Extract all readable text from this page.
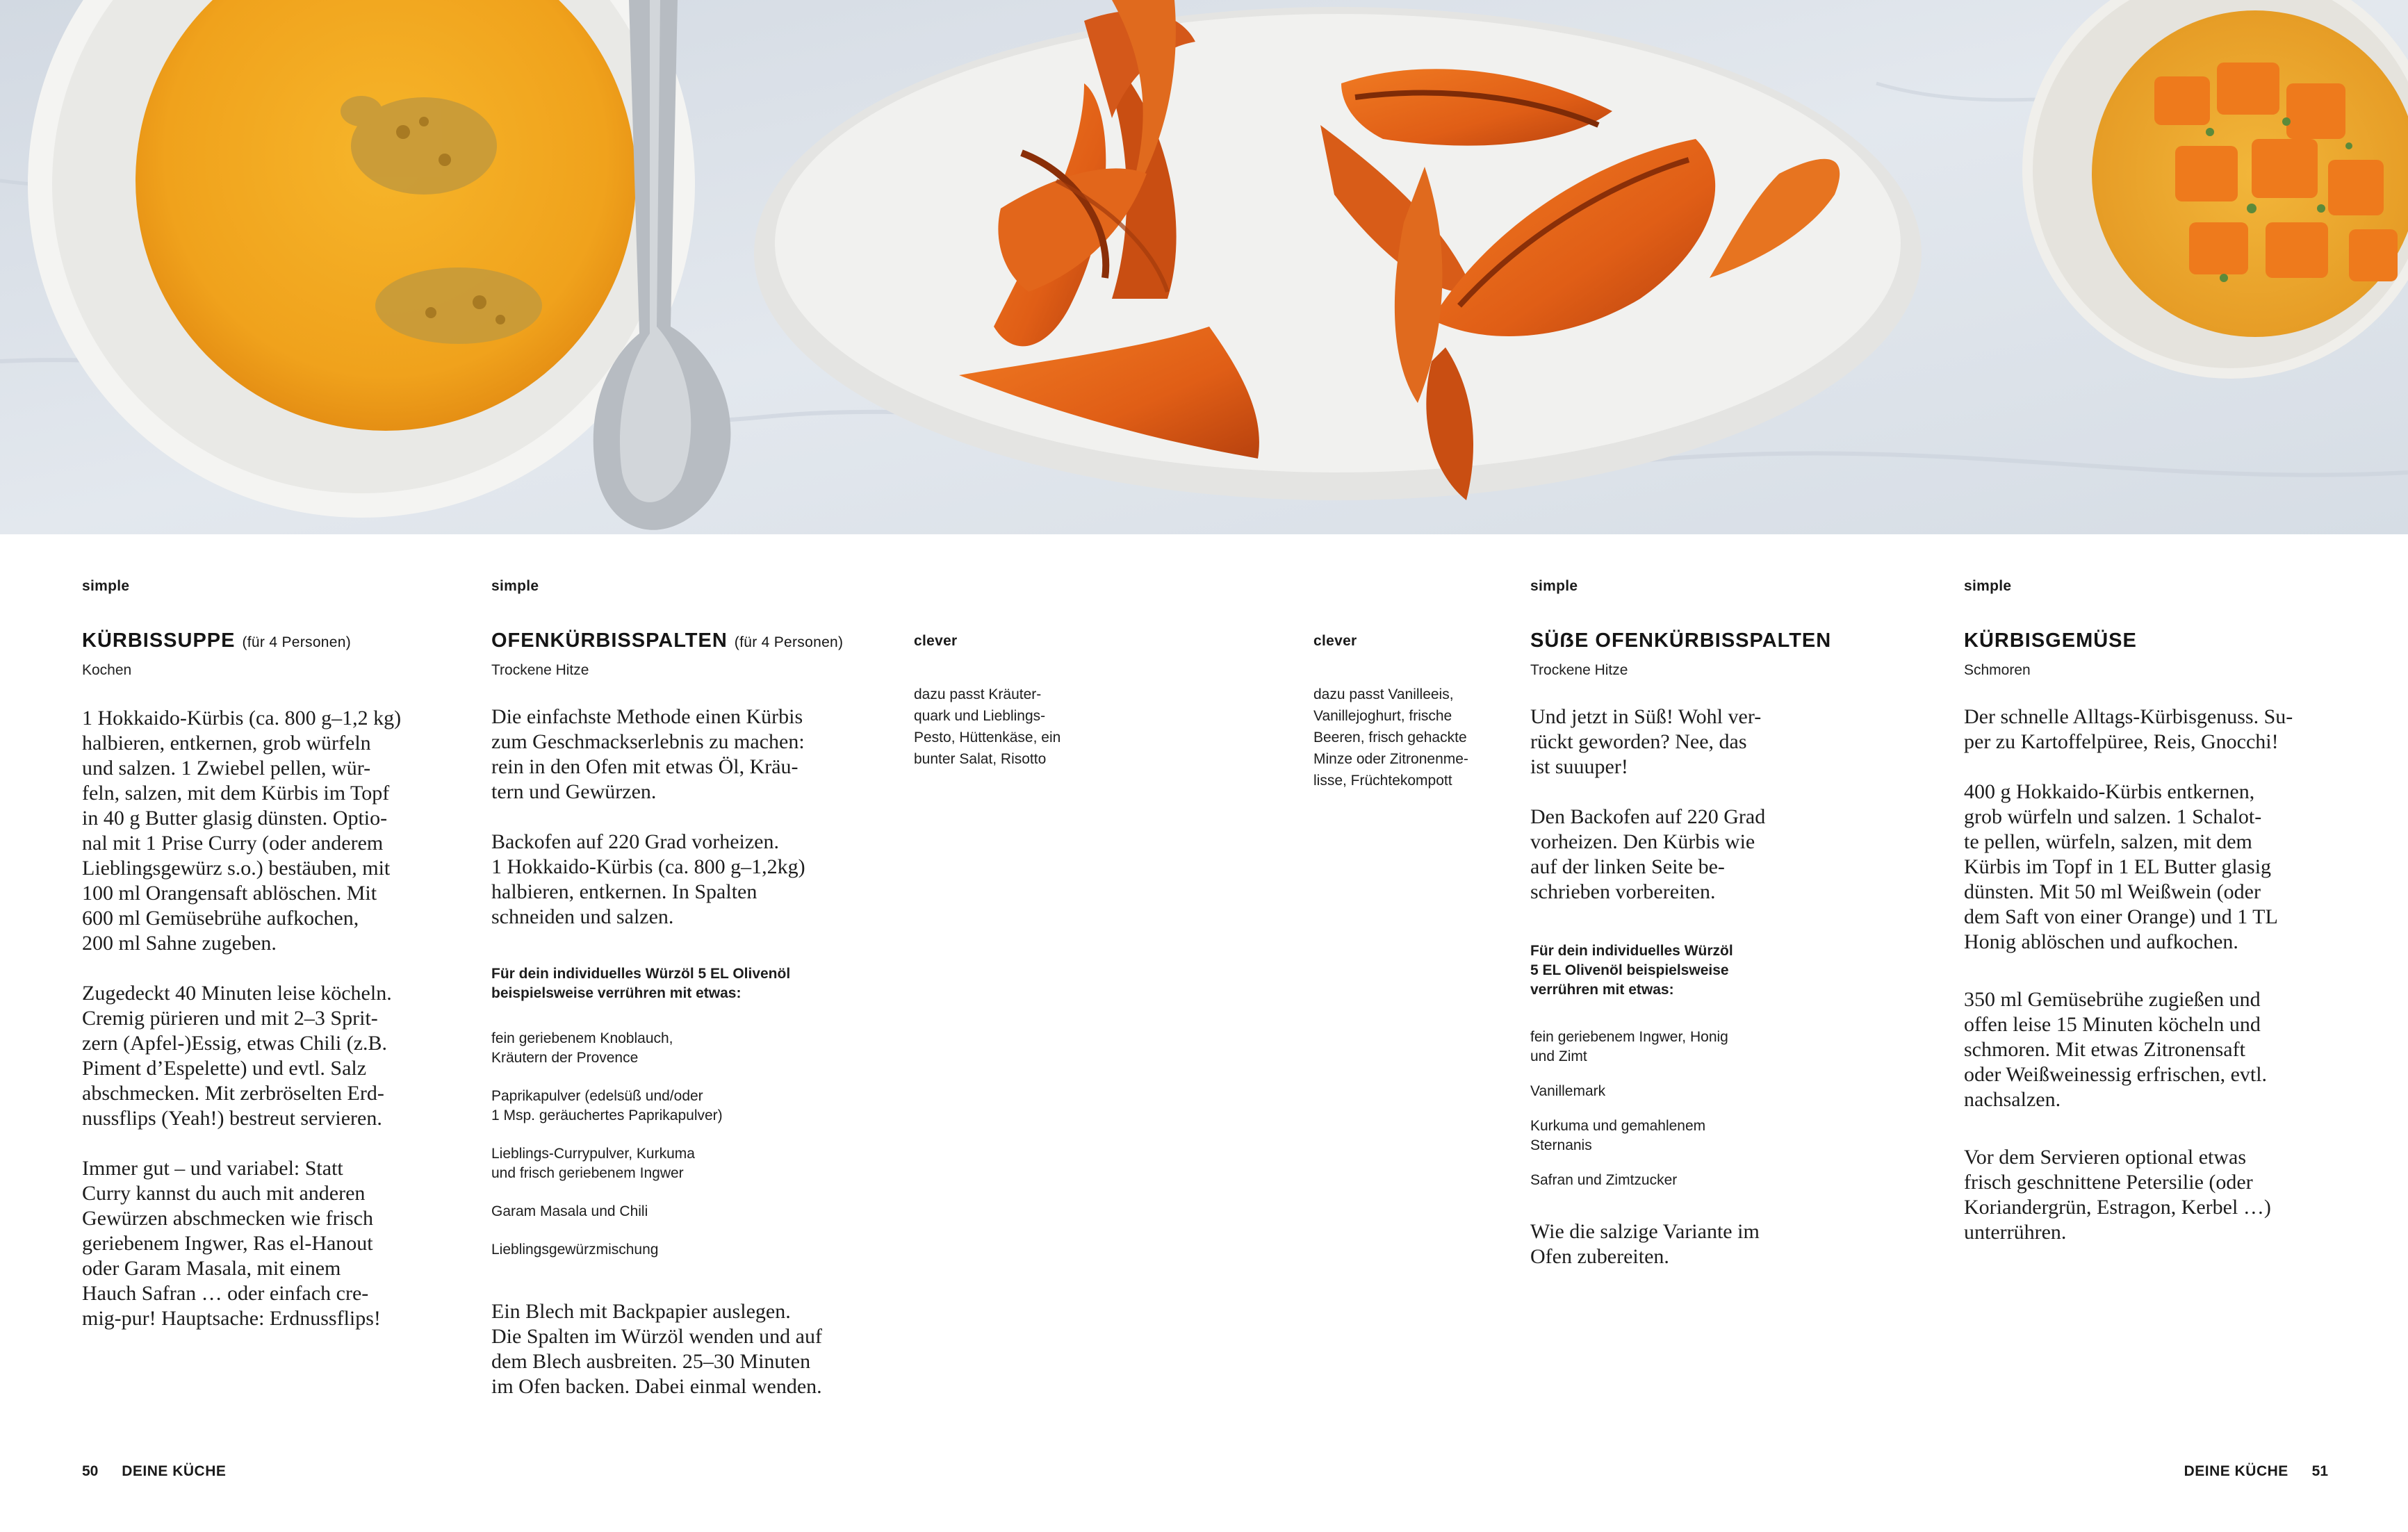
simple
KÜRBISSUPPE (für 4 Personen)
Kochen

1 Hokkaido-Kürbis (ca. 800 g–1,2 kg)
halbieren, entkernen, grob würfeln
und salzen. 1 Zwiebel pellen, wür-
feln, salzen, mit dem Kürbis im Topf
in 40 g Butter glasig dünsten. Optio-
nal mit 1 Prise Curry (oder anderem
Lieblingsgewürz s.o.) bestäuben, mit
100 ml Orangensaft ablöschen. Mit
600 ml Gemüsebrühe aufkochen,
200 ml Sahne zugeben.

Zugedeckt 40 Minuten leise köcheln.
Cremig pürieren und mit 2–3 Sprit-
zern (Apfel-)Essig, etwas Chili (z.B.
Piment d’Espelette) und evtl. Salz
abschmecken. Mit zerbröselten Erd-
nussflips (Yeah!) bestreut servieren.

Immer gut – und variabel: Statt
Curry kannst du auch mit anderen
Gewürzen abschmecken wie frisch
geriebenem Ingwer, Ras el-Hanout
oder Garam Masala, mit einem
Hauch Safran … oder einfach cre-
mig-pur! Hauptsache: Erdnussflips!

simple
OFENKÜRBISSPALTEN (für 4 Personen)
Trockene Hitze

Die einfachste Methode einen Kürbis
zum Geschmackserlebnis zu machen:
rein in den Ofen mit etwas Öl, Kräu-
tern und Gewürzen.

Backofen auf 220 Grad vorheizen.
1 Hokkaido-Kürbis (ca. 800 g–1,2kg)
halbieren, entkernen. In Spalten
schneiden und salzen.

Für dein individuelles Würzöl 5 EL Olivenöl
beispielsweise verrühren mit etwas:
fein geriebenem Knoblauch,
Kräutern der Provence
Paprikapulver (edelsüß und/oder
1 Msp. geräuchertes Paprikapulver)
Lieblings-Currypulver, Kurkuma
und frisch geriebenem Ingwer
Garam Masala und Chili
Lieblingsgewürzmischung
Ein Blech mit Backpapier auslegen.
Die Spalten im Würzöl wenden und auf
dem Blech ausbreiten. 25–30 Minuten
im Ofen backen. Dabei einmal wenden.
clever
dazu passt Kräuter-
quark und Lieblings-
Pesto, Hüttenkäse, ein
bunter Salat, Risotto
clever
dazu passt Vanilleeis,
Vanillejoghurt, frische
Beeren, frisch gehackte
Minze oder Zitronenme-
lisse, Früchtekompott
simple
SÜẞE OFENKÜRBISSPALTEN
Trockene Hitze

Und jetzt in Süß! Wohl ver-
rückt geworden? Nee, das
ist suuuper!

Den Backofen auf 220 Grad
vorheizen. Den Kürbis wie
auf der linken Seite be-
schrieben vorbereiten.

Für dein individuelles Würzöl
5 EL Olivenöl beispielsweise
verrühren mit etwas:
fein geriebenem Ingwer, Honig
und Zimt
Vanillemark
Kurkuma und gemahlenem
Sternanis
Safran und Zimtzucker
Wie die salzige Variante im
Ofen zubereiten.
simple
KÜRBISGEMÜSE
Schmoren

Der schnelle Alltags-Kürbisgenuss. Su-
per zu Kartoffelpüree, Reis, Gnocchi!

400 g Hokkaido-Kürbis entkernen,
grob würfeln und salzen. 1 Schalot-
te pellen, würfeln, salzen, mit dem
Kürbis im Topf in 1 EL Butter glasig
dünsten. Mit 50 ml Weißwein (oder
dem Saft von einer Orange) und 1 TL
Honig ablöschen und aufkochen.

350 ml Gemüsebrühe zugießen und
offen leise 15 Minuten köcheln und
schmoren. Mit etwas Zitronensaft
oder Weißweinessig erfrischen, evtl.
nachsalzen.

Vor dem Servieren optional etwas
frisch geschnittene Petersilie (oder
Koriandergrün, Estragon, Kerbel …)
unterrühren.

50 DEINE KÜCHE	DEINE KÜCHE 51
